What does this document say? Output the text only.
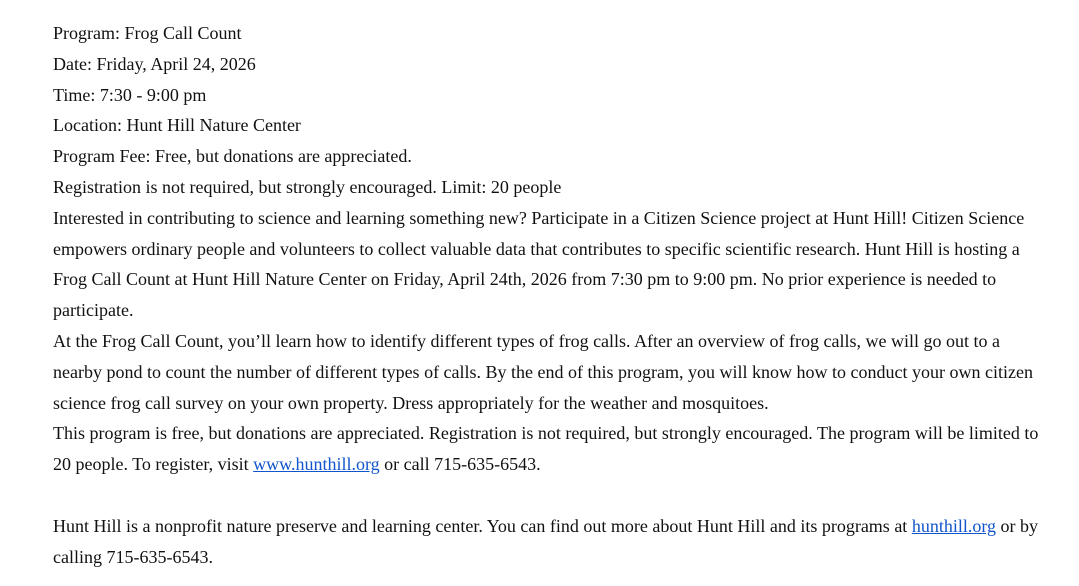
Program: Frog Call Count

Date: Friday, April 24, 2026

Time: 7:30 - 9:00 pm

Location: Hunt Hill Nature Center

Program Fee: Free, but donations are appreciated.

Registration is not required, but strongly encouraged. Limit: 20 people

Interested in contributing to science and learning something new? Participate in a Citizen Science project at Hunt Hill! Citizen Science empowers ordinary people and volunteers to collect valuable data that contributes to specific scientific research. Hunt Hill is hosting a Frog Call Count at Hunt Hill Nature Center on Friday, April 24th, 2026 from 7:30 pm to 9:00 pm. No prior experience is needed to participate.

At the Frog Call Count, you’ll learn how to identify different types of frog calls. After an overview of frog calls, we will go out to a nearby pond to count the number of different types of calls. By the end of this program, you will know how to conduct your own citizen science frog call survey on your own property. Dress appropriately for the weather and mosquitoes.

This program is free, but donations are appreciated. Registration is not required, but strongly encouraged. The program will be limited to 20 people. To register, visit www.hunthill.org or call 715-635-6543.

Hunt Hill is a nonprofit nature preserve and learning center. You can find out more about Hunt Hill and its programs at hunthill.org or by calling 715-635-6543.
